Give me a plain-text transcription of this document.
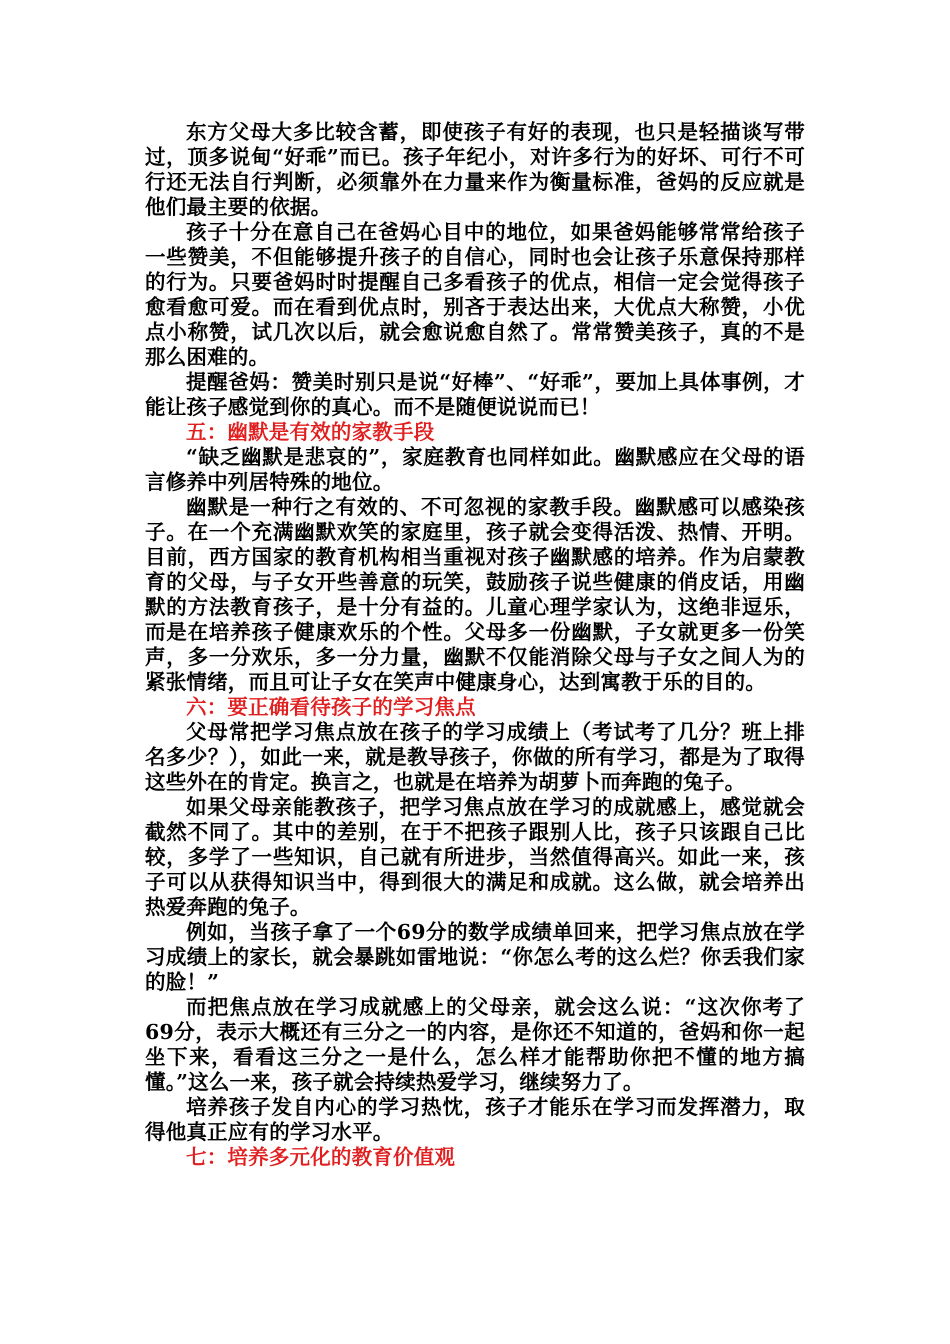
东方父母大多比较含蓄，即使孩子有好的表现，也只是轻描谈写带过，顶多说甸“好乖”而已。孩子年纪小，对许多行为的好坏、可行不可行还无法自行判断，必须靠外在力量来作为衡量标准，爸妈的反应就是他们最主要的依据。

孩子十分在意自己在爸妈心目中的地位，如果爸妈能够常常给孩子一些赞美，不但能够提升孩子的自信心，同时也会让孩子乐意保持那样的行为。只要爸妈时时提醒自己多看孩子的优点，相信一定会觉得孩子愈看愈可爱。而在看到优点时，别吝于表达出来，大优点大称赞，小优点小称赞，试几次以后，就会愈说愈自然了。常常赞美孩子，真的不是那么困难的。

提醒爸妈：赞美时别只是说“好棒”、“好乖”，要加上具体事例，才能让孩子感觉到你的真心。而不是随便说说而已！

五：幽默是有效的家教手段

“缺乏幽默是悲哀的”，家庭教育也同样如此。幽默感应在父母的语言修养中列居特殊的地位。

幽默是一种行之有效的、不可忽视的家教手段。幽默感可以感染孩子。在一个充满幽默欢笑的家庭里，孩子就会变得活泼、热情、开明。目前，西方国家的教育机构相当重视对孩子幽默感的培养。作为启蒙教育的父母，与子女开些善意的玩笑，鼓励孩子说些健康的俏皮话，用幽默的方法教育孩子，是十分有益的。儿童心理学家认为，这绝非逗乐，而是在培养孩子健康欢乐的个性。父母多一份幽默，子女就更多一份笑声，多一分欢乐，多一分力量，幽默不仅能消除父母与子女之间人为的紧张情绪，而且可让子女在笑声中健康身心，达到寓教于乐的目的。

六：要正确看待孩子的学习焦点

父母常把学习焦点放在孩子的学习成绩上（考试考了几分？班上排名多少？），如此一来，就是教导孩子，你做的所有学习，都是为了取得这些外在的肯定。换言之，也就是在培养为胡萝卜而奔跑的兔子。

如果父母亲能教孩子，把学习焦点放在学习的成就感上，感觉就会截然不同了。其中的差别，在于不把孩子跟别人比，孩子只该跟自己比较，多学了一些知识，自己就有所进步，当然值得高兴。如此一来，孩子可以从获得知识当中，得到很大的满足和成就。这么做，就会培养出热爱奔跑的兔子。

例如，当孩子拿了一个69分的数学成绩单回来，把学习焦点放在学习成绩上的家长，就会暴跳如雷地说：“你怎么考的这么烂？你丢我们家的脸！”

而把焦点放在学习成就感上的父母亲，就会这么说：“这次你考了69分，表示大概还有三分之一的内容，是你还不知道的，爸妈和你一起坐下来，看看这三分之一是什么，怎么样才能帮助你把不懂的地方搞懂。”这么一来，孩子就会持续热爱学习，继续努力了。

培养孩子发自内心的学习热忱，孩子才能乐在学习而发挥潜力，取得他真正应有的学习水平。

七：培养多元化的教育价值观
